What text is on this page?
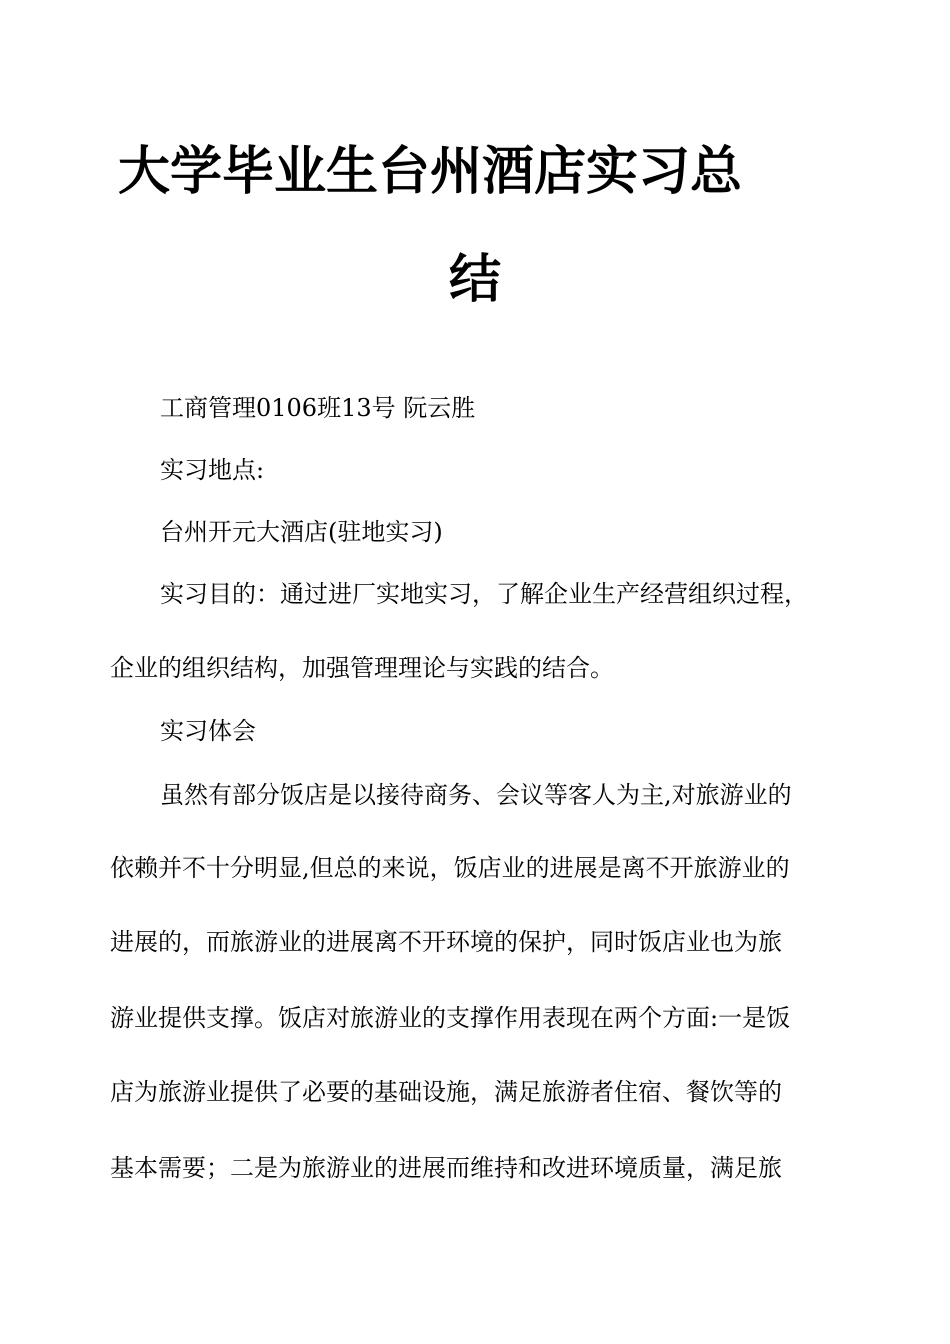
大学毕业生台州酒店实习总
结

工商管理0106班13号 阮云胜

实习地点:

台州开元大酒店(驻地实习)

实习目的：通过进厂实地实习，了解企业生产经营组织过程，

企业的组织结构，加强管理理论与实践的结合。

实习体会

虽然有部分饭店是以接待商务、会议等客人为主,对旅游业的

依赖并不十分明显,但总的来说，饭店业的进展是离不开旅游业的

进展的，而旅游业的进展离不开环境的保护，同时饭店业也为旅

游业提供支撑。饭店对旅游业的支撑作用表现在两个方面:一是饭

店为旅游业提供了必要的基础设施，满足旅游者住宿、餐饮等的

基本需要；二是为旅游业的进展而维持和改进环境质量，满足旅
